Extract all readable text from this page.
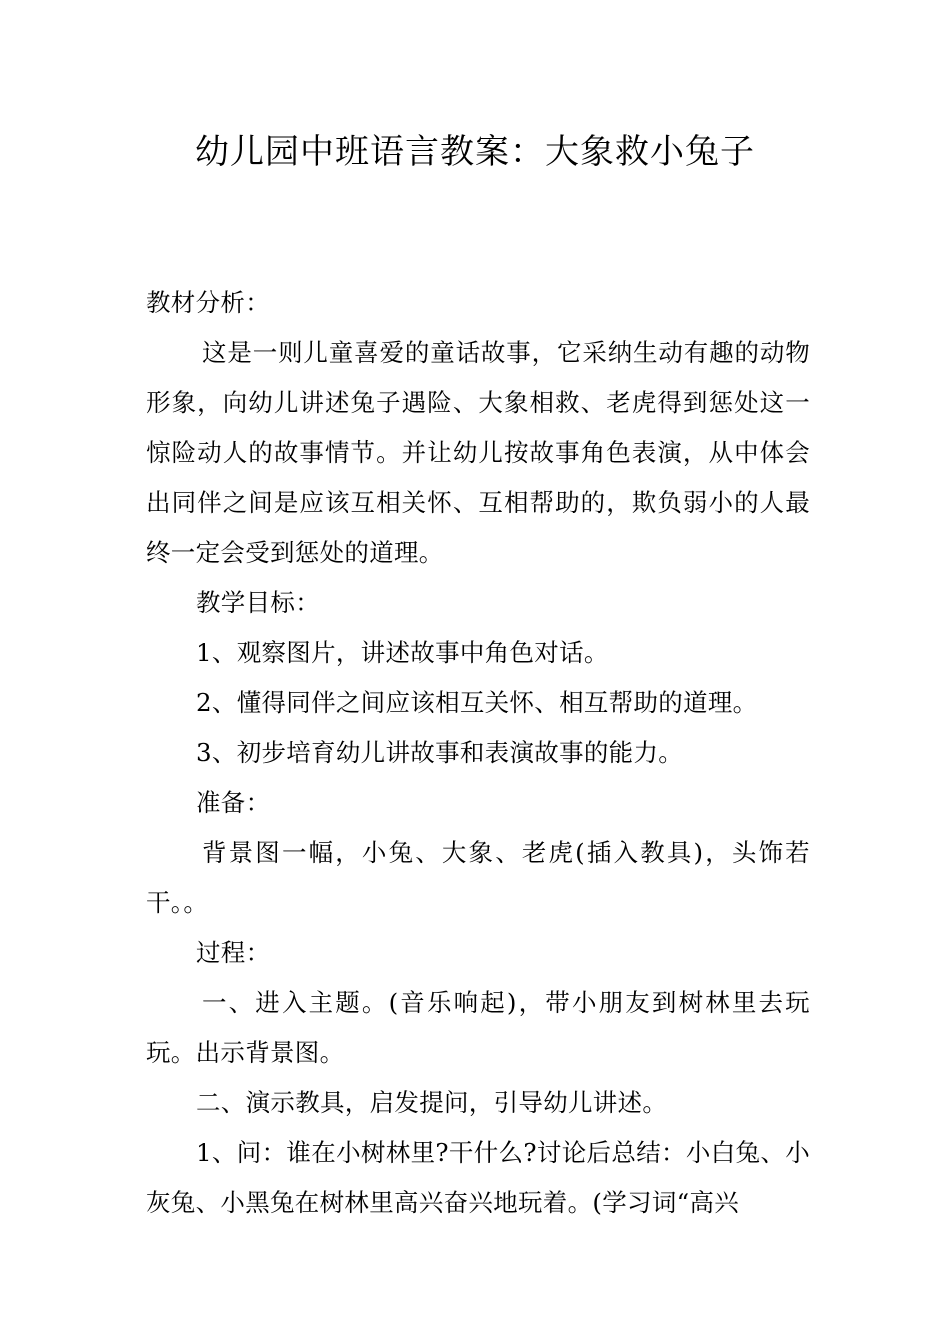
幼儿园中班语言教案：大象救小兔子

教材分析：

这是一则儿童喜爱的童话故事，它采纳生动有趣的动物形象，向幼儿讲述兔子遇险、大象相救、老虎得到惩处这一惊险动人的故事情节。并让幼儿按故事角色表演，从中体会出同伴之间是应该互相关怀、互相帮助的，欺负弱小的人最终一定会受到惩处的道理。

教学目标：

1、观察图片，讲述故事中角色对话。

2、懂得同伴之间应该相互关怀、相互帮助的道理。

3、初步培育幼儿讲故事和表演故事的能力。

准备：

背景图一幅，小兔、大象、老虎(插入教具)，头饰若干。。

过程：

一、进入主题。(音乐响起)，带小朋友到树林里去玩玩。出示背景图。

二、演示教具，启发提问，引导幼儿讲述。

1、问：谁在小树林里?干什么?讨论后总结：小白兔、小灰兔、小黑兔在树林里高兴奋兴地玩着。(学习词“高兴
